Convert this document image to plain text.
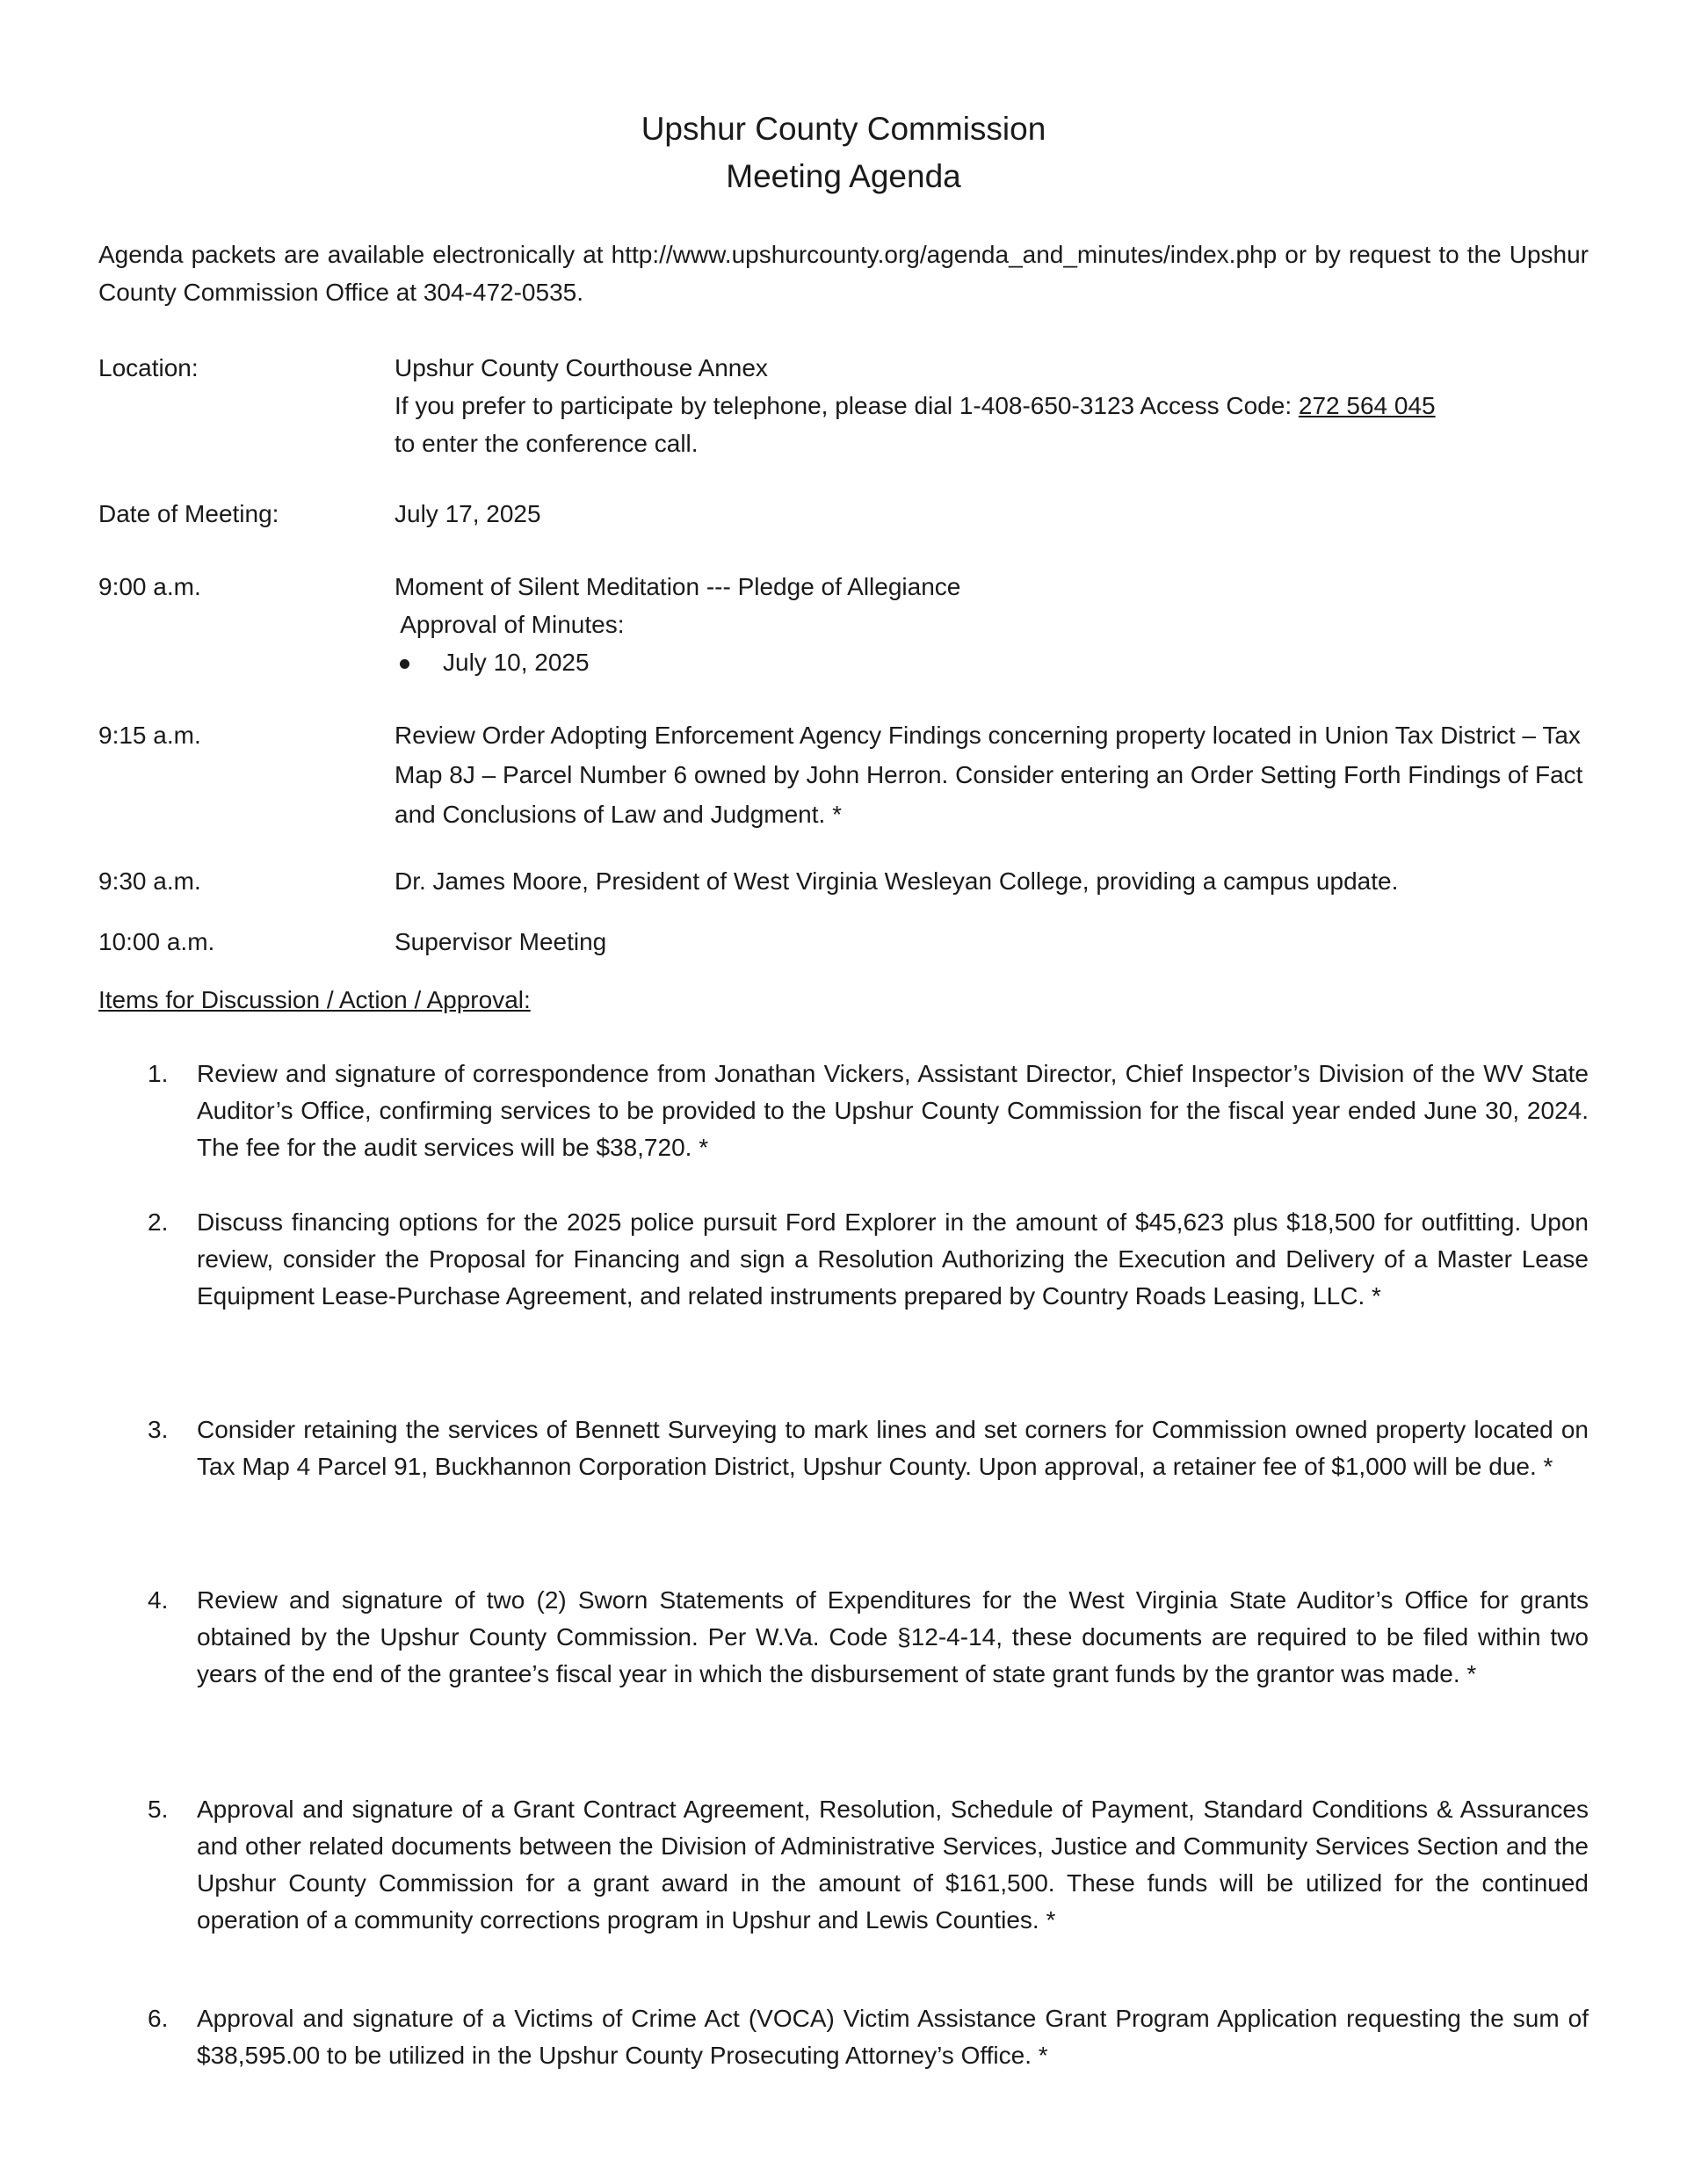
Upshur County Commission
Meeting Agenda
Agenda packets are available electronically at http://www.upshurcounty.org/agenda_and_minutes/index.php or by request to the Upshur County Commission Office at 304-472-0535.
Location:	Upshur County Courthouse Annex

If you prefer to participate by telephone, please dial 1-408-650-3123 Access Code: 272 564 045

to enter the conference call.

Date of Meeting:	July 17, 2025
9:00 a.m.	Moment of Silent Meditation --- Pledge of Allegiance

Approval of Minutes:

July 10, 2025

9:15 a.m.	Review Order Adopting Enforcement Agency Findings concerning property located in Union Tax District – Tax Map 8J – Parcel Number 6 owned by John Herron. Consider entering an Order Setting Forth Findings of Fact and Conclusions of Law and Judgment. *
9:30 a.m.	Dr. James Moore, President of West Virginia Wesleyan College, providing a campus update.
10:00 a.m.	Supervisor Meeting
Items for Discussion / Action / Approval:
1. Review and signature of correspondence from Jonathan Vickers, Assistant Director, Chief Inspector’s Division of the WV State Auditor’s Office, confirming services to be provided to the Upshur County Commission for the fiscal year ended June 30, 2024. The fee for the audit services will be $38,720. *
2. Discuss financing options for the 2025 police pursuit Ford Explorer in the amount of $45,623 plus $18,500 for outfitting. Upon review, consider the Proposal for Financing and sign a Resolution Authorizing the Execution and Delivery of a Master Lease Equipment Lease-Purchase Agreement, and related instruments prepared by Country Roads Leasing, LLC. *
3. Consider retaining the services of Bennett Surveying to mark lines and set corners for Commission owned property located on Tax Map 4 Parcel 91, Buckhannon Corporation District, Upshur County. Upon approval, a retainer fee of $1,000 will be due. *
4. Review and signature of two (2) Sworn Statements of Expenditures for the West Virginia State Auditor’s Office for grants obtained by the Upshur County Commission. Per W.Va. Code §12-4-14, these documents are required to be filed within two years of the end of the grantee’s fiscal year in which the disbursement of state grant funds by the grantor was made. *
5. Approval and signature of a Grant Contract Agreement, Resolution, Schedule of Payment, Standard Conditions & Assurances and other related documents between the Division of Administrative Services, Justice and Community Services Section and the Upshur County Commission for a grant award in the amount of $161,500. These funds will be utilized for the continued operation of a community corrections program in Upshur and Lewis Counties. *
6. Approval and signature of a Victims of Crime Act (VOCA) Victim Assistance Grant Program Application requesting the sum of $38,595.00 to be utilized in the Upshur County Prosecuting Attorney’s Office. *
